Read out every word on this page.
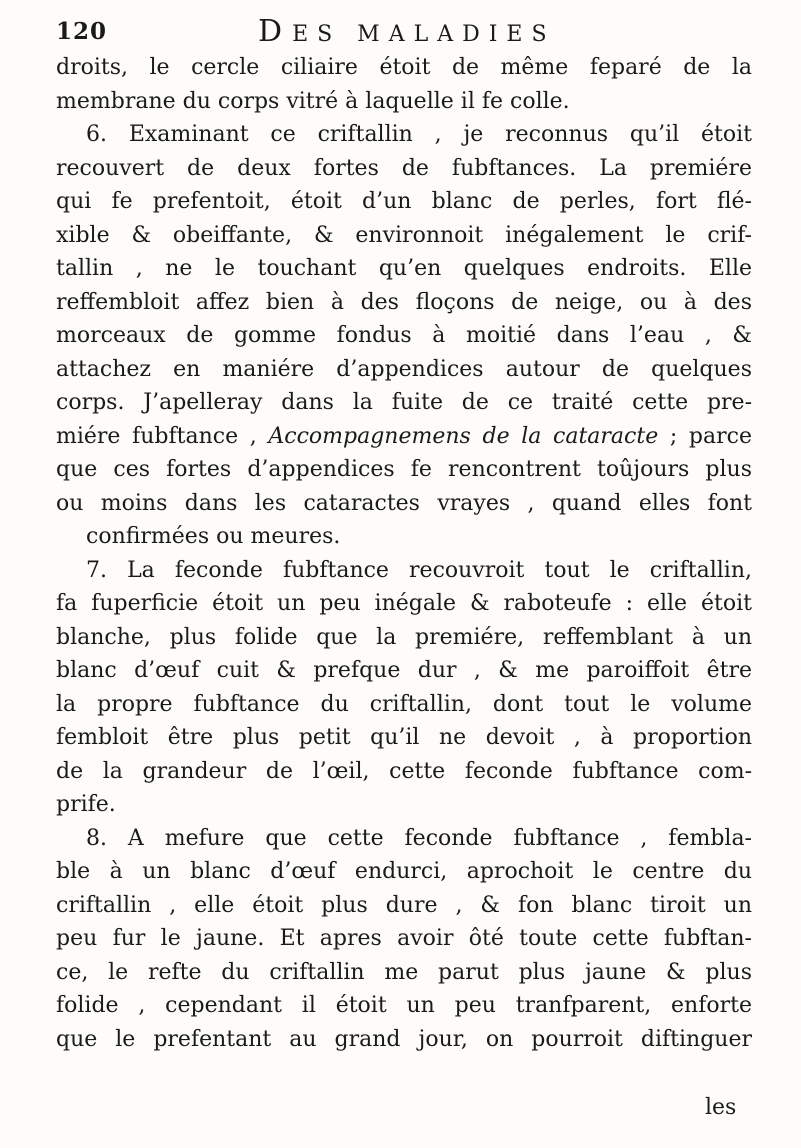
120	DES MALADIES
droits, le cercle ciliaire étoit de même feparé de la
membrane du corps vitré à laquelle il fe colle.
6. Examinant ce criftallin , je reconnus qu’il étoit
recouvert de deux fortes de fubftances. La premiére
qui fe prefentoit, étoit d’un blanc de perles, fort flé-
xible & obeiffante, & environnoit inégalement le crif-
tallin , ne le touchant qu’en quelques endroits. Elle
reffembloit affez bien à des floçons de neige, ou à des
morceaux de gomme fondus à moitié dans l’eau , &
attachez en maniére d’appendices autour de quelques
corps. J’apelleray dans la fuite de ce traité cette pre-
miére fubftance , Accompagnemens de la cataracte ; parce
que ces fortes d’appendices fe rencontrent toûjours plus
ou moins dans les cataractes vrayes , quand elles font
confirmées ou meures.
7. La feconde fubftance recouvroit tout le criftallin,
fa fuperficie étoit un peu inégale & raboteufe : elle étoit
blanche, plus folide que la premiére, reffemblant à un
blanc d’œuf cuit & prefque dur , & me paroiffoit être
la propre fubftance du criftallin, dont tout le volume
fembloit être plus petit qu’il ne devoit , à proportion
de la grandeur de l’œil, cette feconde fubftance com-
prife.
8. A mefure que cette feconde fubftance , fembla-
ble à un blanc d’œuf endurci, aprochoit le centre du
criftallin , elle étoit plus dure , & fon blanc tiroit un
peu fur le jaune. Et apres avoir ôté toute cette fubftan-
ce, le refte du criftallin me parut plus jaune & plus
folide , cependant il étoit un peu tranfparent, enforte
que le prefentant au grand jour, on pourroit diftinguer
les
